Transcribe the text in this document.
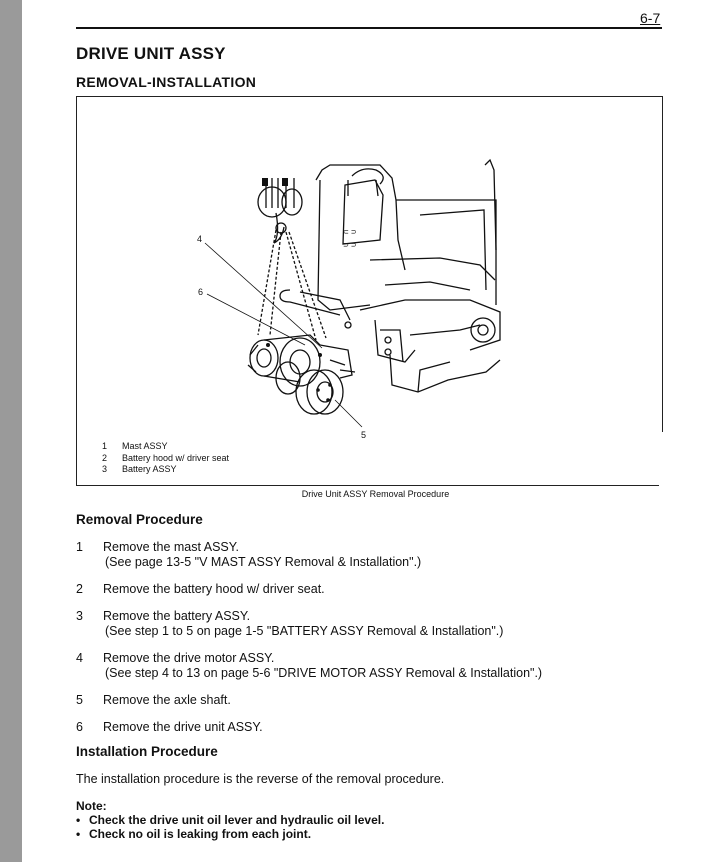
6-7
DRIVE UNIT ASSY
REMOVAL-INSTALLATION
4
6
5
⊂ ⊃
⊃ ⊃
1	Mast ASSY
2	Battery hood w/ driver seat
3	Battery ASSY
Drive Unit ASSY Removal Procedure
Removal Procedure
1	Remove the mast ASSY.
(See page 13-5 "V MAST ASSY Removal & Installation".)
2	Remove the battery hood w/ driver seat.
3	Remove the battery ASSY.
(See step 1 to 5 on page 1-5 "BATTERY ASSY Removal & Installation".)
4	Remove the drive motor ASSY.
(See step 4 to 13 on page 5-6 "DRIVE MOTOR ASSY Removal & Installation".)
5	Remove the axle shaft.
6	Remove the drive unit ASSY.
Installation Procedure
The installation procedure is the reverse of the removal procedure.
Note:
• Check the drive unit oil lever and hydraulic oil level.
• Check no oil is leaking from each joint.
